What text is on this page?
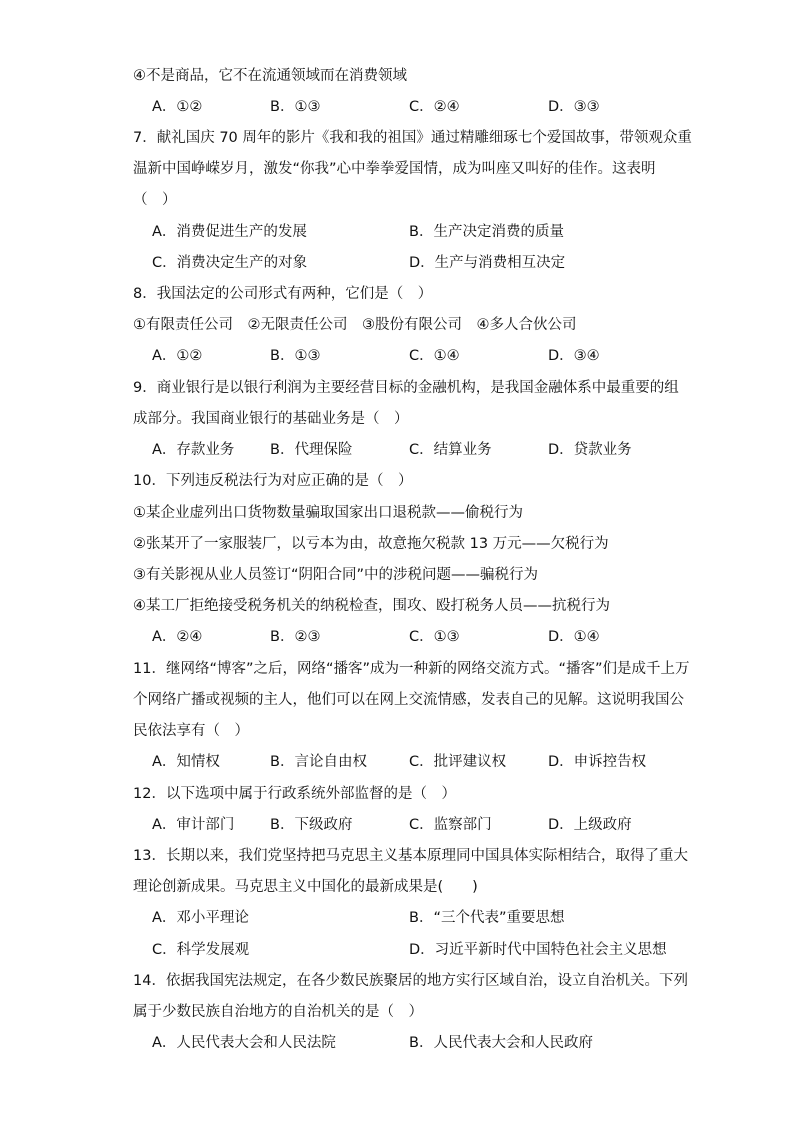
④不是商品，它不在流通领域而在消费领域
A．①②	B．①③	C．②④	D．③③
7．献礼国庆 70 周年的影片《我和我的祖国》通过精雕细琢七个爱国故事，带领观众重
温新中国峥嵘岁月，激发“你我”心中拳拳爱国情，成为叫座又叫好的佳作。这表明
（　）
A．消费促进生产的发展	B．生产决定消费的质量
C．消费决定生产的对象	D．生产与消费相互决定
8．我国法定的公司形式有两种，它们是（　）
①有限责任公司　②无限责任公司　③股份有限公司　④多人合伙公司
A．①②	B．①③	C．①④	D．③④
9．商业银行是以银行利润为主要经营目标的金融机构，是我国金融体系中最重要的组
成部分。我国商业银行的基础业务是（　）
A．存款业务 B．代理保险	C．结算业务	D．贷款业务
10．下列违反税法行为对应正确的是（　）
①某企业虚列出口货物数量骗取国家出口退税款——偷税行为
②张某开了一家服装厂，以亏本为由，故意拖欠税款 13 万元——欠税行为
③有关影视从业人员签订“阴阳合同”中的涉税问题——骗税行为
④某工厂拒绝接受税务机关的纳税检查，围攻、殴打税务人员——抗税行为
A．②④	B．②③	C．①③	D．①④
11．继网络“博客”之后，网络“播客”成为一种新的网络交流方式。“播客”们是成千上万
个网络广播或视频的主人，他们可以在网上交流情感，发表自己的见解。这说明我国公
民依法享有（　）
A．知情权	B．言论自由权	C．批评建议权	D．申诉控告权
12．以下选项中属于行政系统外部监督的是（　）
A．审计部门 B．下级政府	C．监察部门	D．上级政府
13．长期以来，我们党坚持把马克思主义基本原理同中国具体实际相结合，取得了重大
理论创新成果。马克思主义中国化的最新成果是(　　)
A．邓小平理论	B．“三个代表”重要思想
C．科学发展观	D．习近平新时代中国特色社会主义思想
14．依据我国宪法规定，在各少数民族聚居的地方实行区域自治，设立自治机关。下列
属于少数民族自治地方的自治机关的是（　）
A．人民代表大会和人民法院	B．人民代表大会和人民政府
